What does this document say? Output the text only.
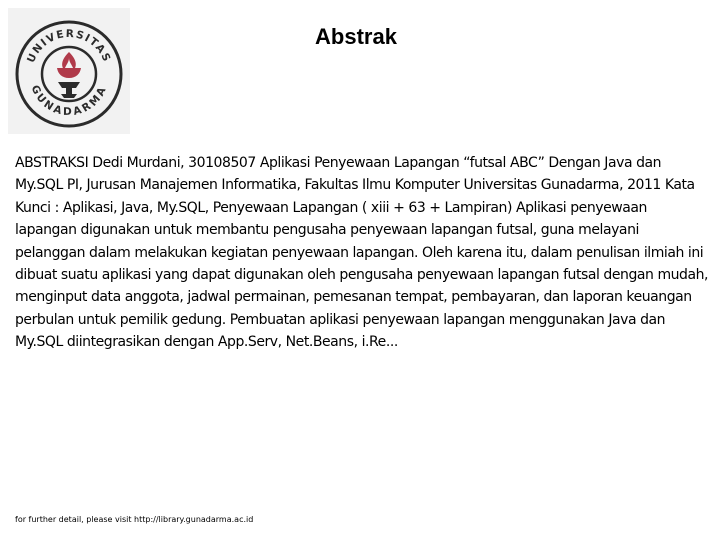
UNIVERSITAS
GUNADARMA
Abstrak

ABSTRAKSI Dedi Murdani, 30108507 Aplikasi Penyewaan Lapangan “futsal ABC” Dengan Java dan My.SQL PI, Jurusan Manajemen Informatika, Fakultas Ilmu Komputer Universitas Gunadarma, 2011 Kata Kunci : Aplikasi, Java, My.SQL, Penyewaan Lapangan ( xiii + 63 + Lampiran) Aplikasi penyewaan lapangan digunakan untuk membantu pengusaha penyewaan lapangan futsal, guna melayani pelanggan dalam melakukan kegiatan penyewaan lapangan. Oleh karena itu, dalam penulisan ilmiah ini dibuat suatu aplikasi yang dapat digunakan oleh pengusaha penyewaan lapangan futsal dengan mudah, menginput data anggota, jadwal permainan, pemesanan tempat, pembayaran, dan laporan keuangan perbulan untuk pemilik gedung. Pembuatan aplikasi penyewaan lapangan menggunakan Java dan My.SQL diintegrasikan dengan App.Serv, Net.Beans, i.Re...

for further detail, please visit http://library.gunadarma.ac.id
